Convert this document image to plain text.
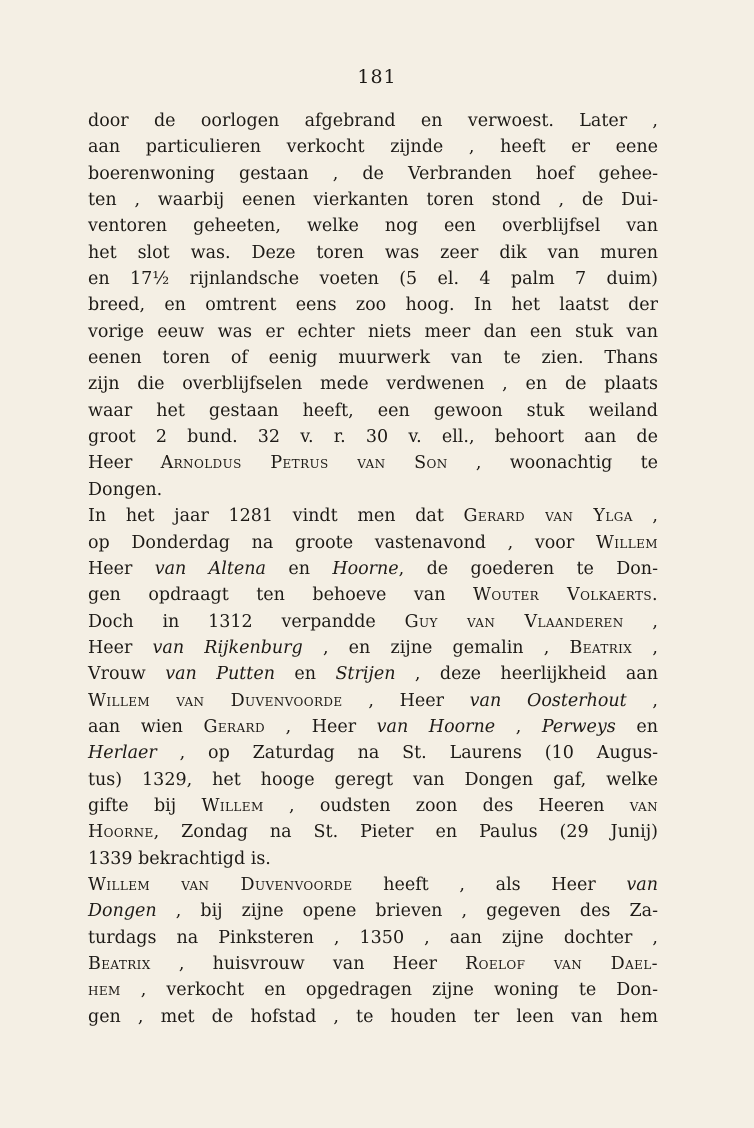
181
door de oorlogen afgebrand en verwoest. Later ,
aan particulieren verkocht zijnde , heeft er eene
boerenwoning gestaan , de Verbranden hoef gehee-
ten , waarbij eenen vierkanten toren stond , de Dui-
ventoren geheeten, welke nog een overblijfsel van
het slot was. Deze toren was zeer dik van muren
en 17½ rijnlandsche voeten (5 el. 4 palm 7 duim)
breed, en omtrent eens zoo hoog. In het laatst der
vorige eeuw was er echter niets meer dan een stuk van
eenen toren of eenig muurwerk van te zien. Thans
zijn die overblijfselen mede verdwenen , en de plaats
waar het gestaan heeft, een gewoon stuk weiland
groot 2 bund. 32 v. r. 30 v. ell., behoort aan de
Heer Arnoldus Petrus van Son , woonachtig te
Dongen.
In het jaar 1281 vindt men dat Gerard van Ylga ,
op Donderdag na groote vastenavond , voor Willem
Heer van Altena en Hoorne, de goederen te Don-
gen opdraagt ten behoeve van Wouter Volkaerts.
Doch in 1312 verpandde Guy van Vlaanderen ,
Heer van Rijkenburg , en zijne gemalin , Beatrix ,
Vrouw van Putten en Strijen , deze heerlijkheid aan
Willem van Duvenvoorde , Heer van Oosterhout ,
aan wien Gerard , Heer van Hoorne , Perweys en
Herlaer , op Zaturdag na St. Laurens (10 Augus-
tus) 1329, het hooge geregt van Dongen gaf, welke
gifte bij Willem , oudsten zoon des Heeren van
Hoorne, Zondag na St. Pieter en Paulus (29 Junij)
1339 bekrachtigd is.
Willem van Duvenvoorde heeft , als Heer van
Dongen , bij zijne opene brieven , gegeven des Za-
turdags na Pinksteren , 1350 , aan zijne dochter ,
Beatrix , huisvrouw van Heer Roelof van Dael-
hem , verkocht en opgedragen zijne woning te Don-
gen , met de hofstad , te houden ter leen van hem
